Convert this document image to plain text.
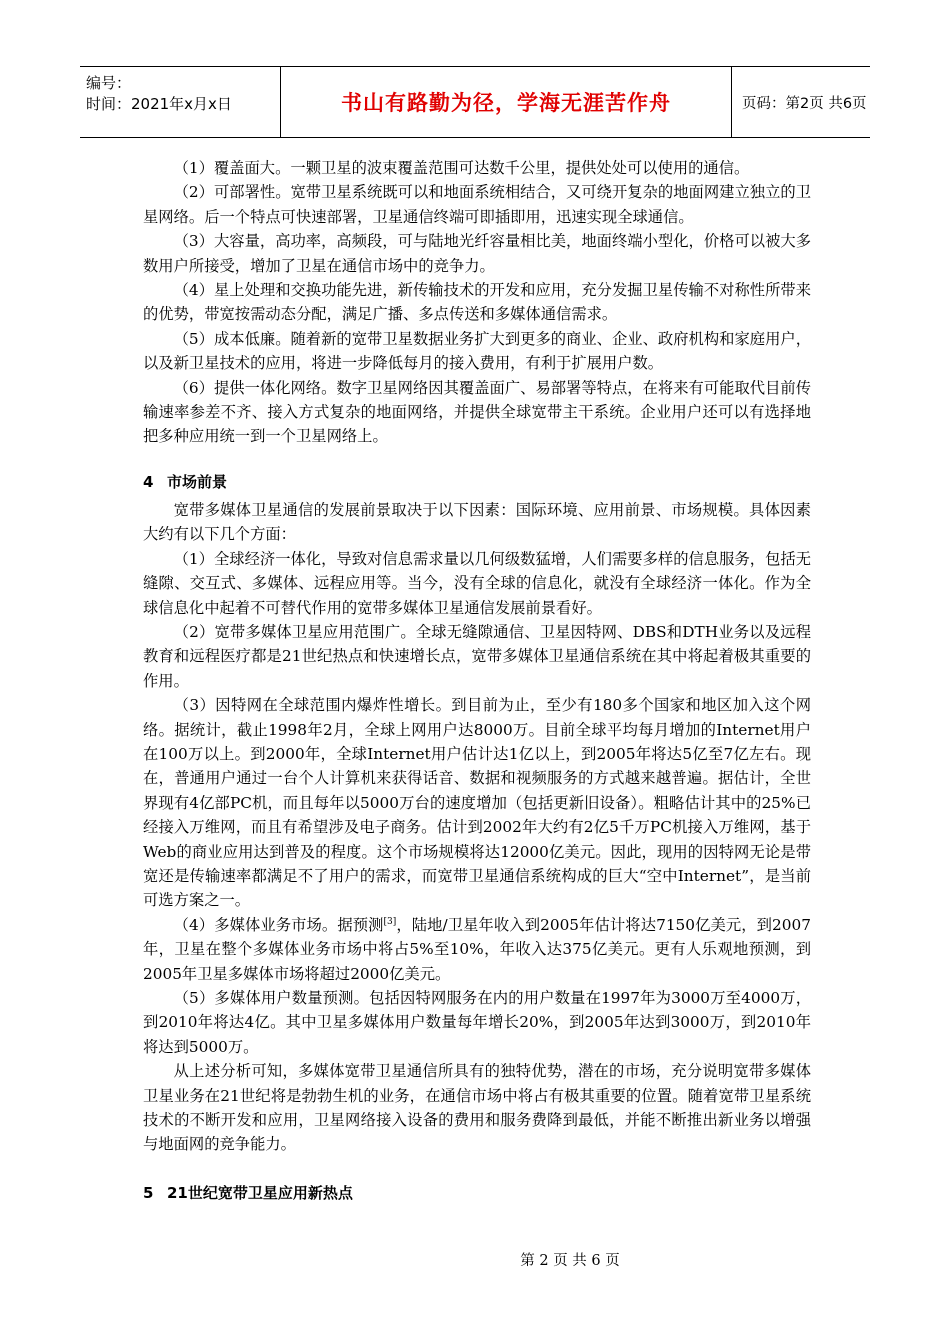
编号：
时间：2021年x月x日	书山有路勤为径，学海无涯苦作舟	页码：第2页 共6页

（1）覆盖面大。一颗卫星的波束覆盖范围可达数千公里，提供处处可以使用的通信。

（2）可部署性。宽带卫星系统既可以和地面系统相结合，又可绕开复杂的地面网建立独立的卫星网络。后一个特点可快速部署，卫星通信终端可即插即用，迅速实现全球通信。

（3）大容量，高功率，高频段，可与陆地光纤容量相比美，地面终端小型化，价格可以被大多数用户所接受，增加了卫星在通信市场中的竞争力。

（4）星上处理和交换功能先进，新传输技术的开发和应用，充分发掘卫星传输不对称性所带来的优势，带宽按需动态分配，满足广播、多点传送和多媒体通信需求。

（5）成本低廉。随着新的宽带卫星数据业务扩大到更多的商业、企业、政府机构和家庭用户，以及新卫星技术的应用，将进一步降低每月的接入费用，有利于扩展用户数。

（6）提供一体化网络。数字卫星网络因其覆盖面广、易部署等特点，在将来有可能取代目前传输速率参差不齐、接入方式复杂的地面网络，并提供全球宽带主干系统。企业用户还可以有选择地把多种应用统一到一个卫星网络上。

4 市场前景

宽带多媒体卫星通信的发展前景取决于以下因素：国际环境、应用前景、市场规模。具体因素大约有以下几个方面：

（1）全球经济一体化，导致对信息需求量以几何级数猛增，人们需要多样的信息服务，包括无缝隙、交互式、多媒体、远程应用等。当今，没有全球的信息化，就没有全球经济一体化。作为全球信息化中起着不可替代作用的宽带多媒体卫星通信发展前景看好。

（2）宽带多媒体卫星应用范围广。全球无缝隙通信、卫星因特网、DBS和DTH业务以及远程教育和远程医疗都是21世纪热点和快速增长点，宽带多媒体卫星通信系统在其中将起着极其重要的作用。

（3）因特网在全球范围内爆炸性增长。到目前为止，至少有180多个国家和地区加入这个网络。据统计，截止1998年2月，全球上网用户达8000万。目前全球平均每月增加的Internet用户在100万以上。到2000年，全球Internet用户估计达1亿以上，到2005年将达5亿至7亿左右。现在，普通用户通过一台个人计算机来获得话音、数据和视频服务的方式越来越普遍。据估计，全世界现有4亿部PC机，而且每年以5000万台的速度增加（包括更新旧设备）。粗略估计其中的25%已经接入万维网，而且有希望涉及电子商务。估计到2002年大约有2亿5千万PC机接入万维网，基于Web的商业应用达到普及的程度。这个市场规模将达12000亿美元。因此，现用的因特网无论是带宽还是传输速率都满足不了用户的需求，而宽带卫星通信系统构成的巨大“空中Internet”，是当前可选方案之一。

（4）多媒体业务市场。据预测[3]，陆地/卫星年收入到2005年估计将达7150亿美元，到2007年，卫星在整个多媒体业务市场中将占5%至10%，年收入达375亿美元。更有人乐观地预测，到2005年卫星多媒体市场将超过2000亿美元。

（5）多媒体用户数量预测。包括因特网服务在内的用户数量在1997年为3000万至4000万，到2010年将达4亿。其中卫星多媒体用户数量每年增长20%，到2005年达到3000万，到2010年将达到5000万。

从上述分析可知，多媒体宽带卫星通信所具有的独特优势，潜在的市场，充分说明宽带多媒体卫星业务在21世纪将是勃勃生机的业务，在通信市场中将占有极其重要的位置。随着宽带卫星系统技术的不断开发和应用，卫星网络接入设备的费用和服务费降到最低，并能不断推出新业务以增强与地面网的竞争能力。

5 21世纪宽带卫星应用新热点
第 2 页 共 6 页
